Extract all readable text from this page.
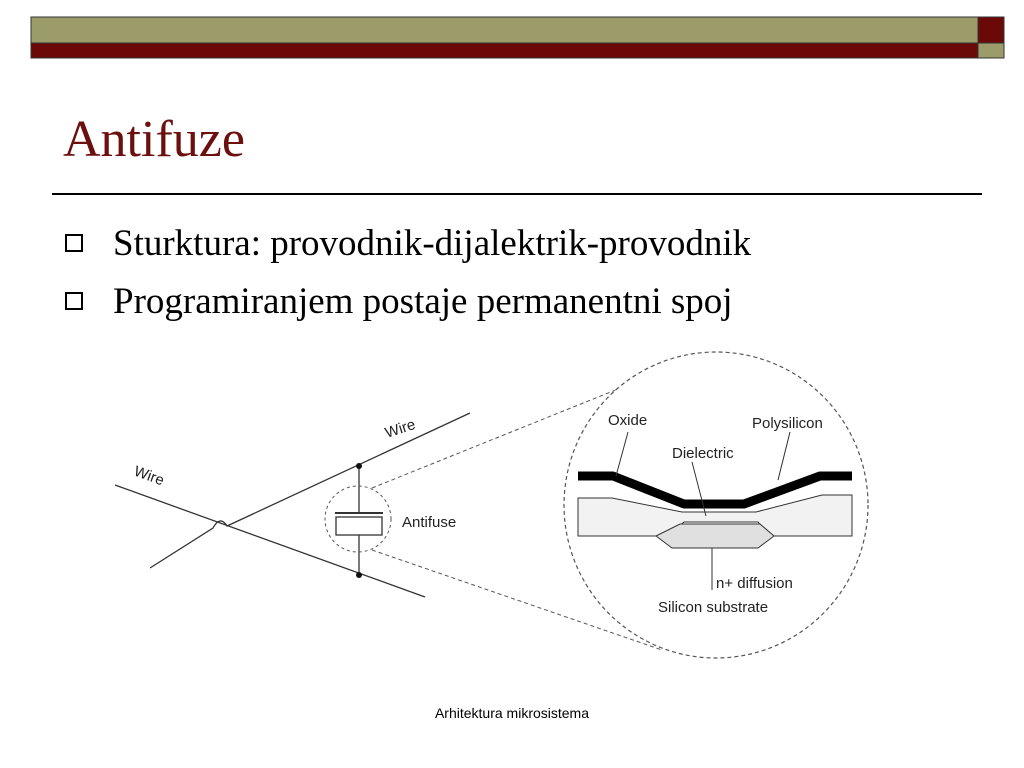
Antifuze
Sturktura: provodnik-dijalektrik-provodnik
Programiranjem postaje permanentni spoj
Wire
Wire
Antifuse
Oxide
Dielectric
Polysilicon
n+ diffusion
Silicon substrate
Arhitektura mikrosistema
